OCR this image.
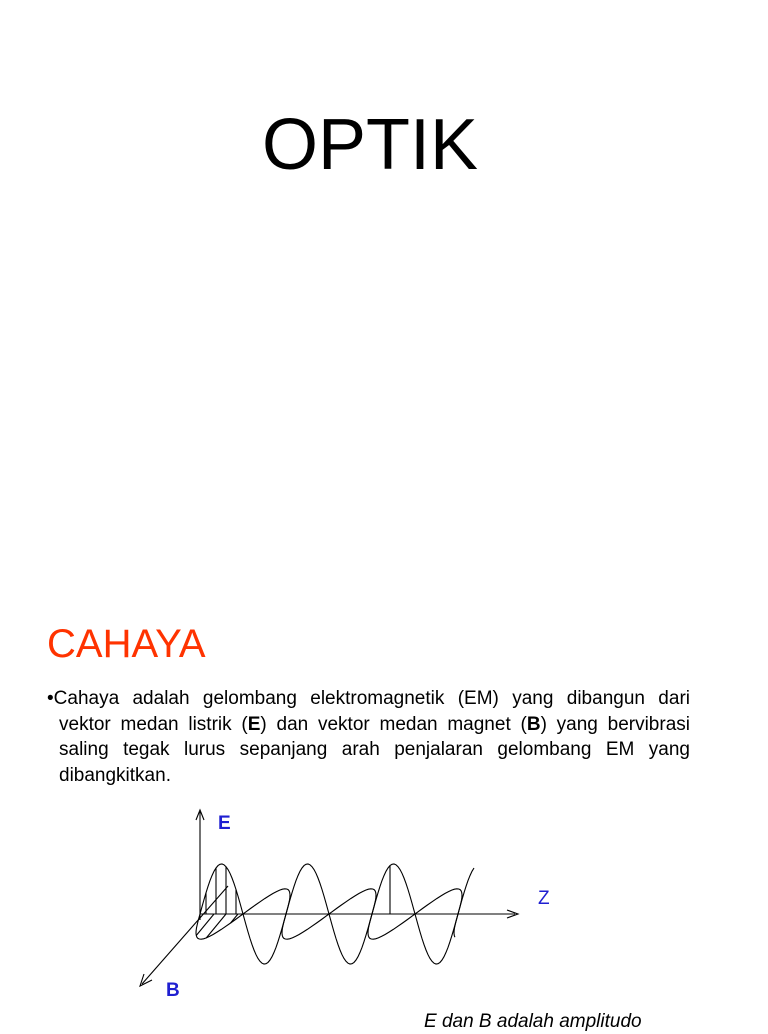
OPTIK
CAHAYA

•Cahaya adalah gelombang elektromagnetik (EM) yang dibangun dari vektor medan listrik (E) dan vektor medan magnet (B) yang bervibrasi saling tegak lurus sepanjang arah penjalaran gelombang EM yang dibangkitkan.

E
B
Z
E dan B adalah amplitudo
